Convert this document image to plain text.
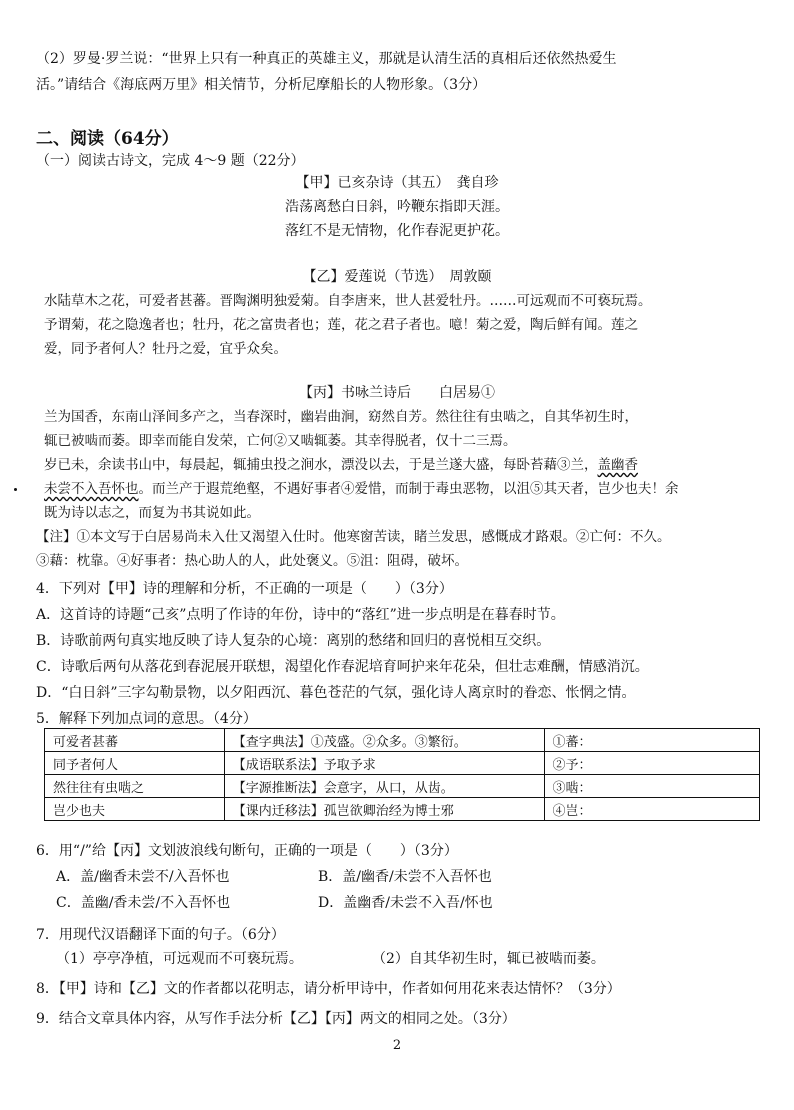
（2）罗曼·罗兰说：“世界上只有一种真正的英雄主义，那就是认清生活的真相后还依然热爱生
活。”请结合《海底两万里》相关情节，分析尼摩船长的人物形象。（3分）
二、阅读（64分）
（一）阅读古诗文，完成 4～9 题（22分）
【甲】已亥杂诗（其五）　龚自珍
浩荡离愁白日斜，吟鞭东指即天涯。
落红不是无情物，化作春泥更护花。
【乙】爱莲说（节选）　周敦颐
水陆草木之花，可爱者甚蕃。晋陶渊明独爱菊。自李唐来，世人甚爱牡丹。……可远观而不可亵玩焉。
予谓菊，花之隐逸者也；牡丹，花之富贵者也；莲，花之君子者也。噫！菊之爱，陶后鲜有闻。莲之
爱，同予者何人？牡丹之爱，宜乎众矣。
【丙】书咏兰诗后　　白居易①
兰为国香，东南山泽间多产之，当春深时，幽岩曲涧，窈然自芳。然往往有虫啮之，自其华初生时，
辄已被啮而萎。即幸而能自发荣，亡何②又啮辄萎。其幸得脱者，仅十二三焉。
岁已未，余读书山中，每晨起，辄捕虫投之涧水，漂没以去，于是兰遂大盛，每卧苔藉③兰，盖幽香
未尝不入吾怀也。而兰产于遐荒绝壑，不遇好事者④爱惜，而制于毒虫恶物，以沮⑤其天者，岂少也夫！余
既为诗以志之，而复为书其说如此。
【注】①本文写于白居易尚未入仕又渴望入仕时。他寒窗苦读，睹兰发思，感慨成才路艰。②亡何：不久。
③藉：枕靠。④好事者：热心助人的人，此处褒义。⑤沮：阻碍，破坏。
4．下列对【甲】诗的理解和分析，不正确的一项是（　　）（3分）
A．这首诗的诗题“己亥”点明了作诗的年份，诗中的“落红”进一步点明是在暮春时节。
B．诗歌前两句真实地反映了诗人复杂的心境：离别的愁绪和回归的喜悦相互交织。
C．诗歌后两句从落花到春泥展开联想，渴望化作春泥培育呵护来年花朵，但壮志难酬，情感消沉。
D．“白日斜”三字勾勒景物，以夕阳西沉、暮色苍茫的气氛，强化诗人离京时的眷恋、怅惘之情。
5．解释下列加点词的意思。（4分）
可爱者甚蕃	【查字典法】①茂盛。②众多。③繁衍。	①蕃：
同予者何人	【成语联系法】予取予求	②予：
然往往有虫啮之	【字源推断法】会意字，从口，从齿。	③啮：
岂少也夫	【课内迁移法】孤岂欲卿治经为博士邪	④岂：
6．用“/”给【丙】文划波浪线句断句，正确的一项是（　　）（3分）
A．盖/幽香未尝不/入吾怀也	B．盖/幽香/未尝不入吾怀也
C．盖幽/香未尝/不入吾怀也	D．盖幽香/未尝不入吾/怀也
7．用现代汉语翻译下面的句子。（6分）
（1）亭亭净植，可远观而不可亵玩焉。	（2）自其华初生时，辄已被啮而萎。
8．【甲】诗和【乙】文的作者都以花明志，请分析甲诗中，作者如何用花来表达情怀？（3分）
9．结合文章具体内容，从写作手法分析【乙】【丙】两文的相同之处。（3分）
2
